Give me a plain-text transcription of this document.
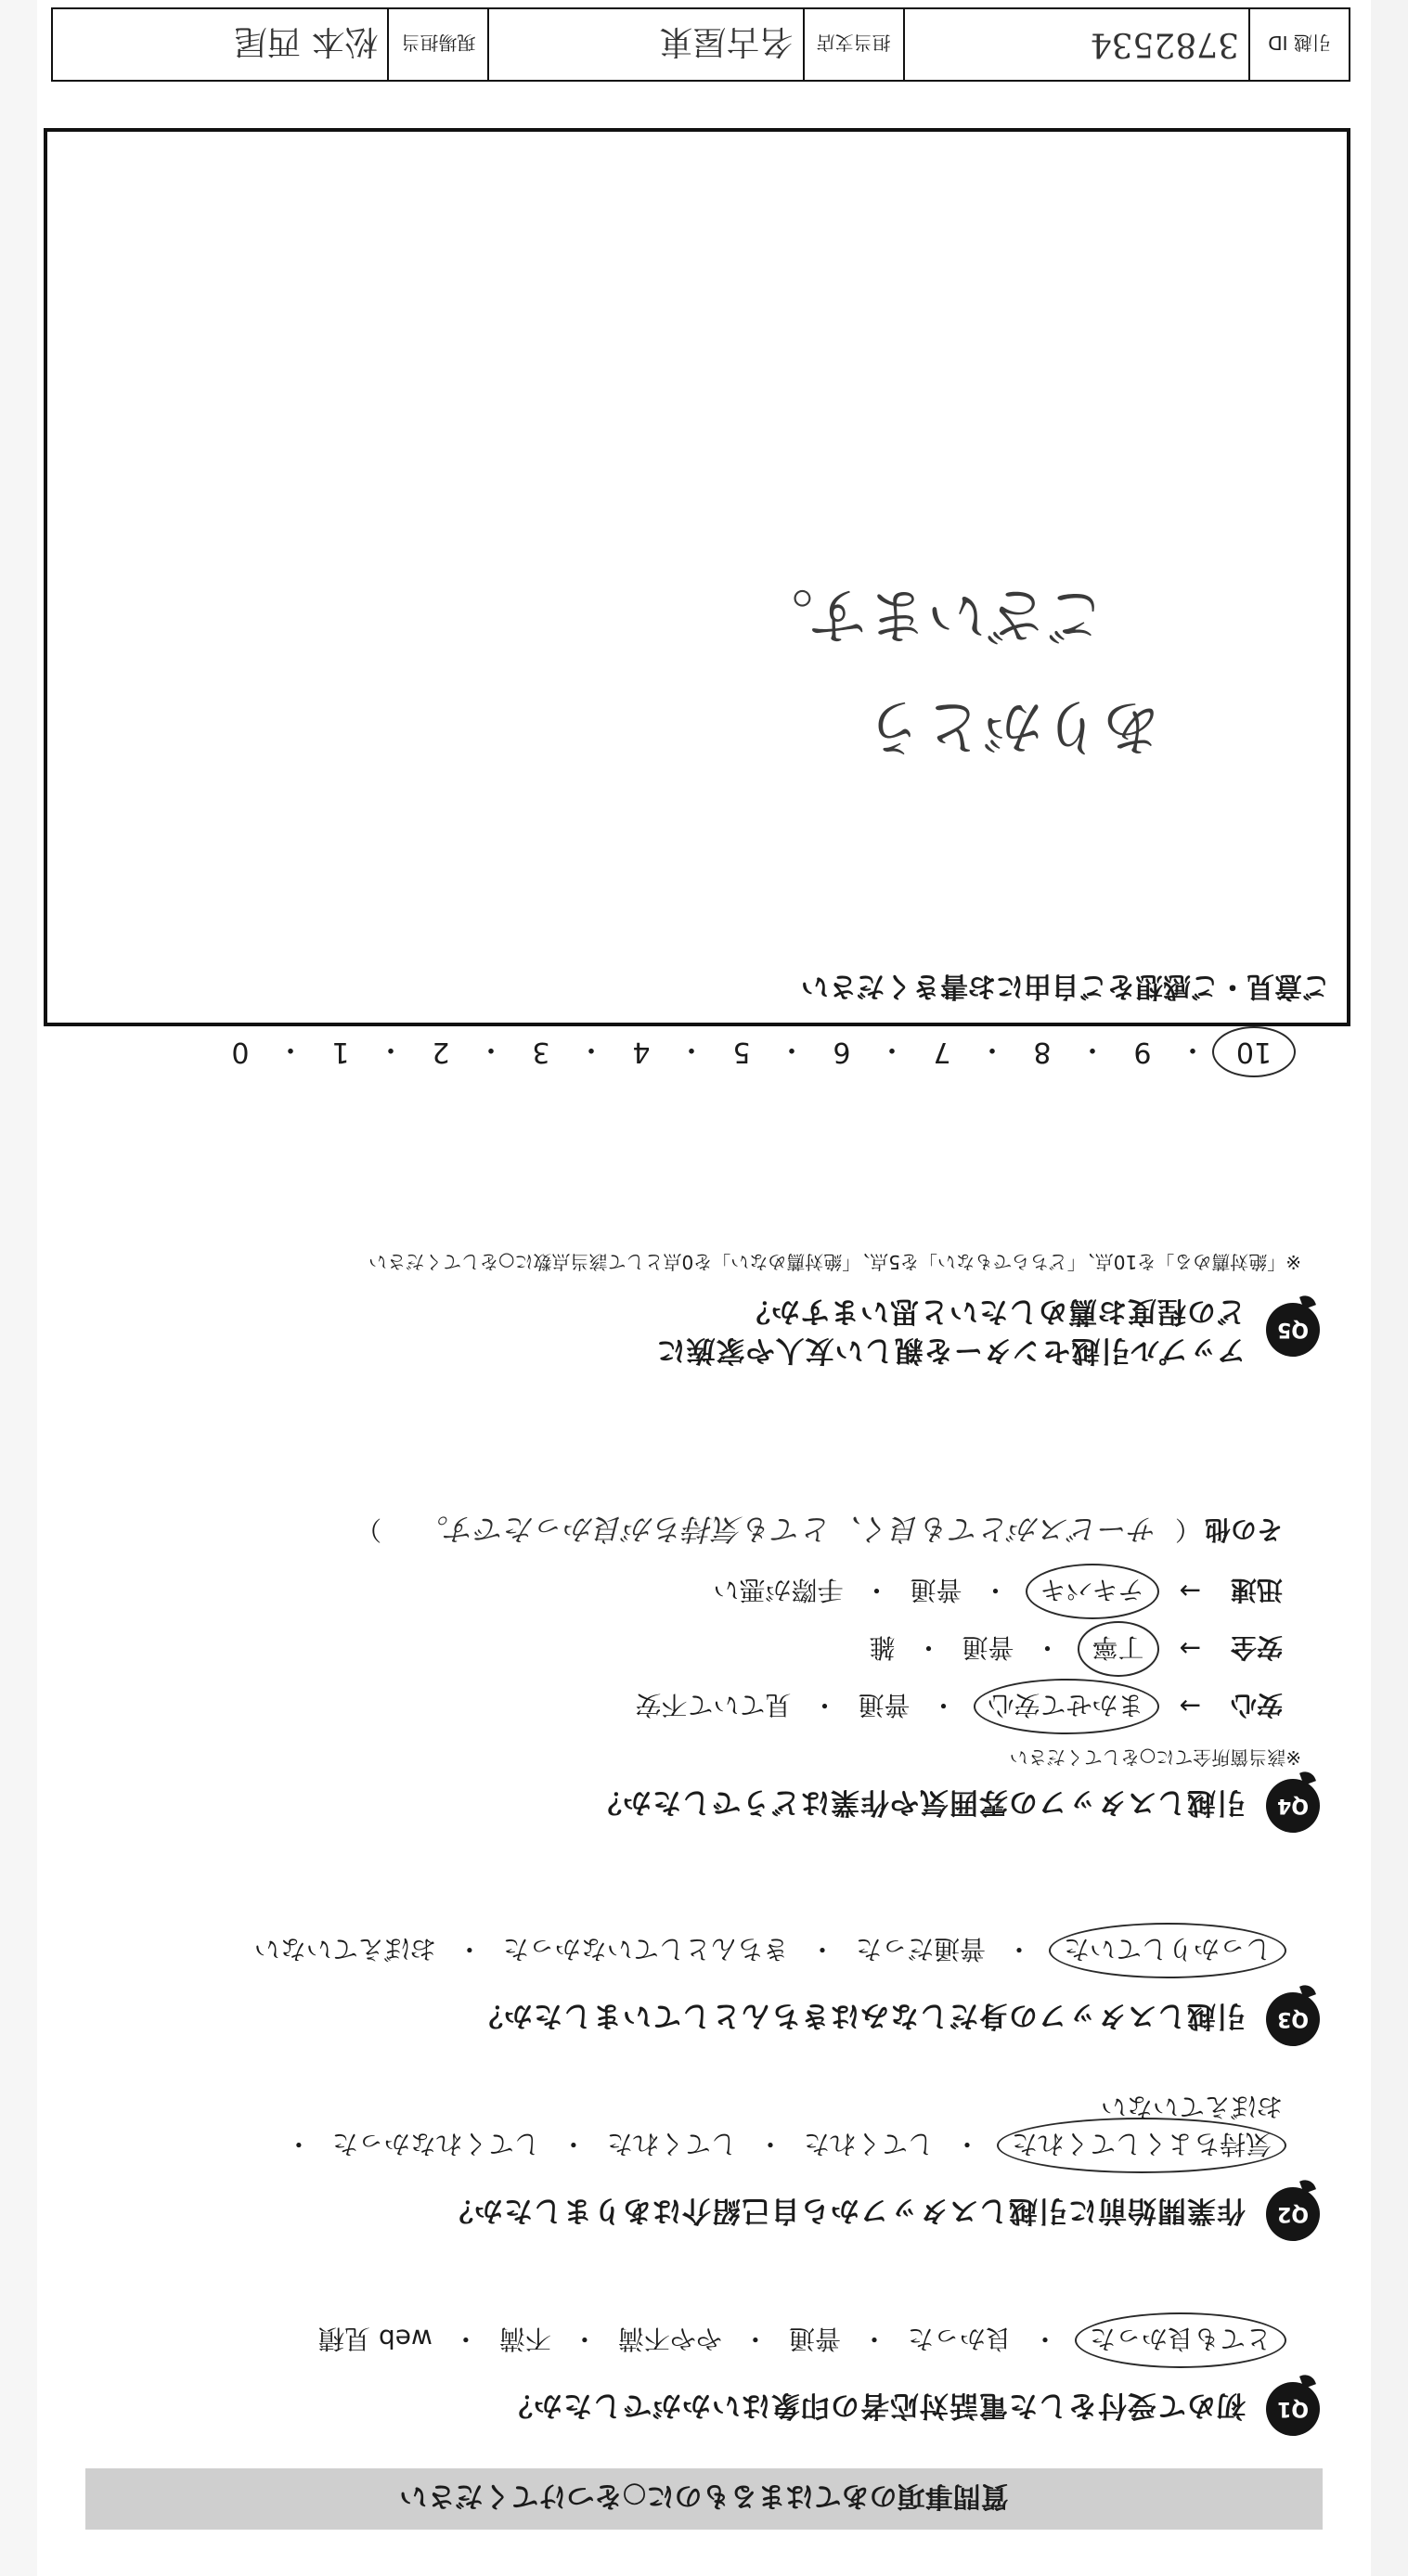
質問事項のあてはまるものに○をつけてください
Q1
初めて受付をした電話対応者の印象はいかがでしたか？
とても良かった
・
良かった
・
普通
・
やや不満
・
不満
・
web 見積
Q2
作業開始前に引越しスタッフから自己紹介はありましたか？
気持ちよくしてくれた
・
してくれた
・
してくれた
・
してくれなかった
・
おぼえていない
Q3
引越しスタッフの身だしなみはきちんとしていましたか？
しっかりしていた
・
普通だった
・
きちんとしていなかった
・
おぼえていない
Q4
引越しスタッフの雰囲気や作業はどうでしたか？
※該当箇所全てに○をしてください
安心
→
まかせて安心
・
普通
・
見ていて不安
安全
→
丁寧
・
普通
・
雑
迅速
→
テキパキ
・
普通
・
手際が悪い
その他
（
サービスがとても良く、とても気持ちが良かったです。
）
Q5
アップル引越センターを親しい友人や家族に
どの程度お薦めしたいと思いますか？
※「絶対薦める」を10点、「どちらでもない」を5点、「絶対薦めない」を0点として該当点数に○をしてください
10
・
9
・
8
・
7
・
6
・
5
・
4
・
3
・
2
・
1
・
0
ご意見・ご感想をご自由にお書きください
ありがとう
ございます。
引越 ID	3782534	担当支店	名古屋東	現場担当	松本 西尾
